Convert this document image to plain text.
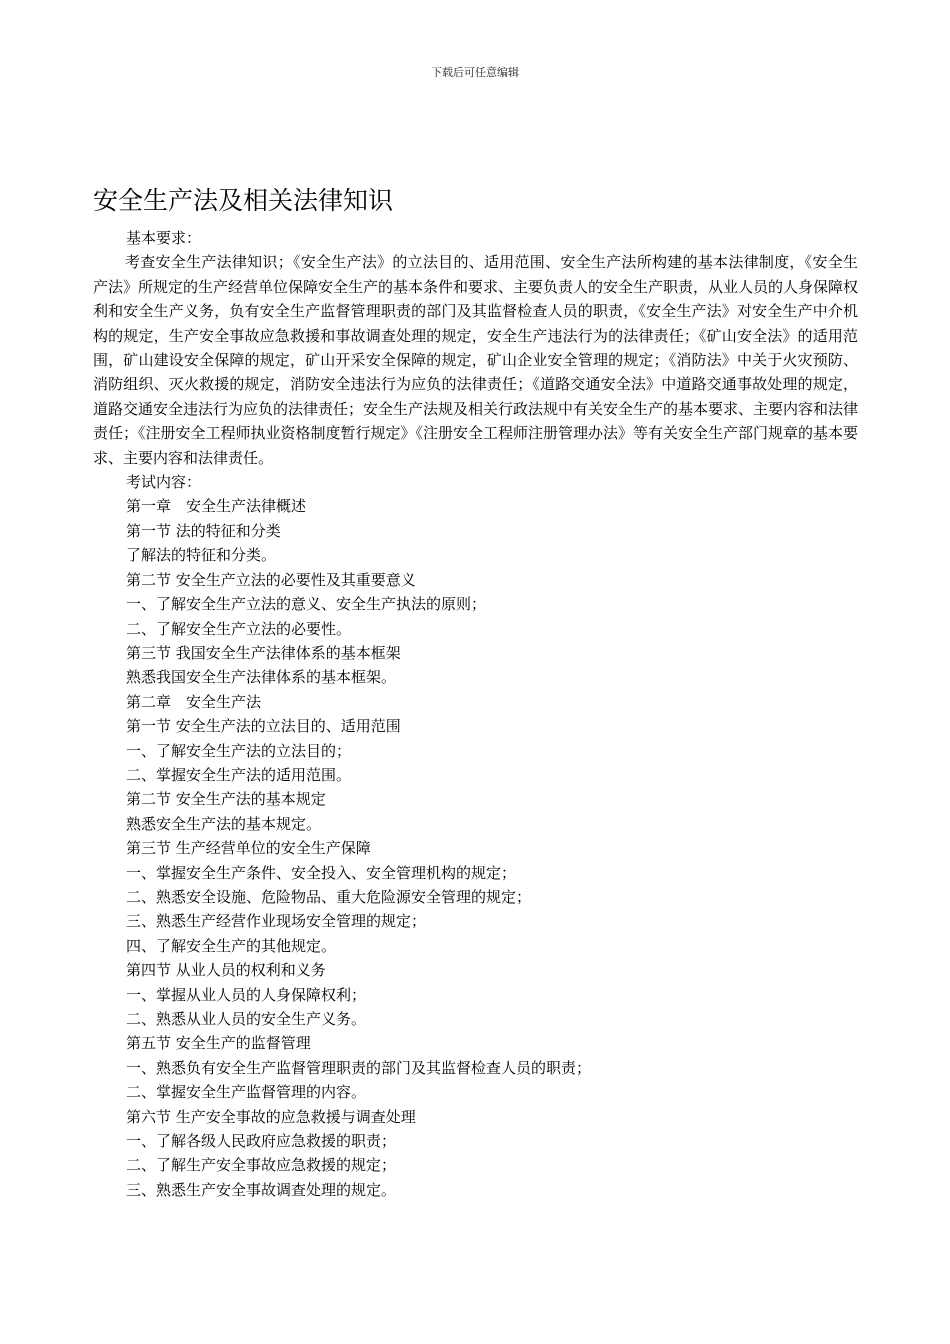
下载后可任意编辑
安全生产法及相关法律知识

基本要求：

考查安全生产法律知识；《安全生产法》的立法目的、适用范围、安全生产法所构建的基本法律制度，《安全生产法》所规定的生产经营单位保障安全生产的基本条件和要求、主要负责人的安全生产职责，从业人员的人身保障权利和安全生产义务，负有安全生产监督管理职责的部门及其监督检查人员的职责，《安全生产法》对安全生产中介机构的规定，生产安全事故应急救援和事故调查处理的规定，安全生产违法行为的法律责任；《矿山安全法》的适用范围，矿山建设安全保障的规定，矿山开采安全保障的规定，矿山企业安全管理的规定；《消防法》中关于火灾预防、消防组织、灭火救援的规定，消防安全违法行为应负的法律责任；《道路交通安全法》中道路交通事故处理的规定，道路交通安全违法行为应负的法律责任；安全生产法规及相关行政法规中有关安全生产的基本要求、主要内容和法律责任；《注册安全工程师执业资格制度暂行规定》《注册安全工程师注册管理办法》等有关安全生产部门规章的基本要求、主要内容和法律责任。

考试内容：

第一章　安全生产法律概述

第一节 法的特征和分类

了解法的特征和分类。

第二节 安全生产立法的必要性及其重要意义

一、了解安全生产立法的意义、安全生产执法的原则；

二、了解安全生产立法的必要性。

第三节 我国安全生产法律体系的基本框架

熟悉我国安全生产法律体系的基本框架。

第二章　安全生产法

第一节 安全生产法的立法目的、适用范围

一、了解安全生产法的立法目的；

二、掌握安全生产法的适用范围。

第二节 安全生产法的基本规定

熟悉安全生产法的基本规定。

第三节 生产经营单位的安全生产保障

一、掌握安全生产条件、安全投入、安全管理机构的规定；

二、熟悉安全设施、危险物品、重大危险源安全管理的规定；

三、熟悉生产经营作业现场安全管理的规定；

四、了解安全生产的其他规定。

第四节 从业人员的权利和义务

一、掌握从业人员的人身保障权利；

二、熟悉从业人员的安全生产义务。

第五节 安全生产的监督管理

一、熟悉负有安全生产监督管理职责的部门及其监督检查人员的职责；

二、掌握安全生产监督管理的内容。

第六节 生产安全事故的应急救援与调查处理

一、了解各级人民政府应急救援的职责；

二、了解生产安全事故应急救援的规定；

三、熟悉生产安全事故调查处理的规定。
